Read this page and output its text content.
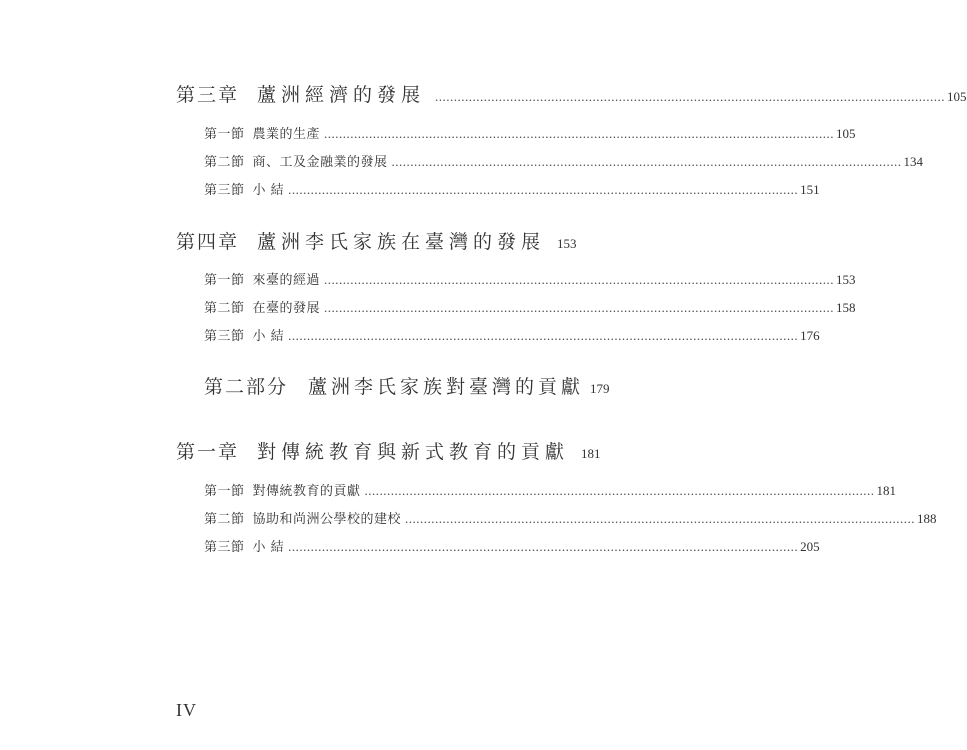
第三章 蘆洲經濟的發展 ........................................................................................................................................ 105
第一節 農業的生產 ........................................................................................................................................ 105
第二節 商、工及金融業的發展 ........................................................................................................................................ 134
第三節 小 結 ........................................................................................................................................ 151
第四章 蘆洲李氏家族在臺灣的發展 153
第一節 來臺的經過 ........................................................................................................................................ 153
第二節 在臺的發展 ........................................................................................................................................ 158
第三節 小 結 ........................................................................................................................................ 176
第二部分 蘆洲李氏家族對臺灣的貢獻 179
第一章 對傳統教育與新式教育的貢獻 181
第一節 對傳統教育的貢獻 ........................................................................................................................................ 181
第二節 協助和尚洲公學校的建校 ........................................................................................................................................ 188
第三節 小 結 ........................................................................................................................................ 205
IV
